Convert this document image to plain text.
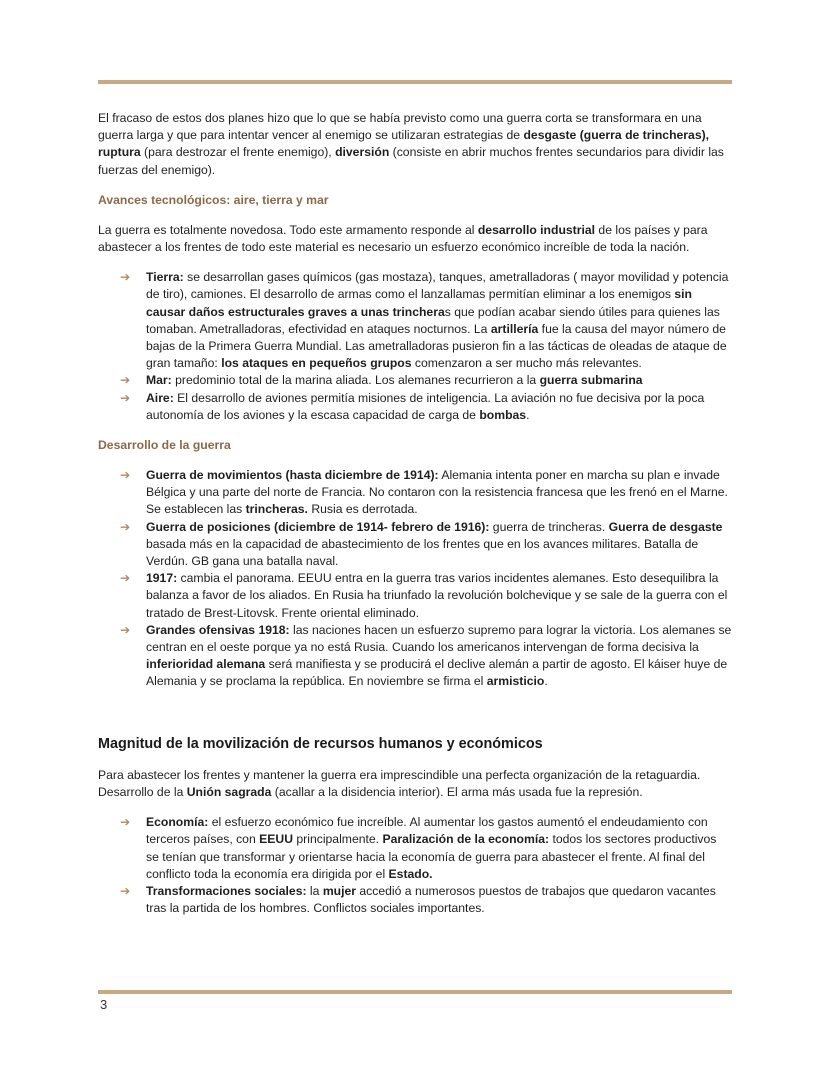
El fracaso de estos dos planes hizo que lo que se había previsto como una guerra corta se transformara en una guerra larga y que para intentar vencer al enemigo se utilizaran estrategias de desgaste (guerra de trincheras), ruptura (para destrozar el frente enemigo), diversión (consiste en abrir muchos frentes secundarios para dividir las fuerzas del enemigo).

Avances tecnológicos: aire, tierra y mar

La guerra es totalmente novedosa. Todo este armamento responde al desarrollo industrial de los países y para abastecer a los frentes de todo este material es necesario un esfuerzo económico increíble de toda la nación.

➔ Tierra: se desarrollan gases químicos (gas mostaza), tanques, ametralladoras ( mayor movilidad y potencia de tiro), camiones. El desarrollo de armas como el lanzallamas permitían eliminar a los enemigos sin causar daños estructurales graves a unas trincheras que podían acabar siendo útiles para quienes las tomaban. Ametralladoras, efectividad en ataques nocturnos. La artillería fue la causa del mayor número de bajas de la Primera Guerra Mundial. Las ametralladoras pusieron fin a las tácticas de oleadas de ataque de gran tamaño: los ataques en pequeños grupos comenzaron a ser mucho más relevantes.
➔ Mar: predominio total de la marina aliada. Los alemanes recurrieron a la guerra submarina
➔ Aire: El desarrollo de aviones permitía misiones de inteligencia. La aviación no fue decisiva por la poca autonomía de los aviones y la escasa capacidad de carga de bombas.
Desarrollo de la guerra
➔ Guerra de movimientos (hasta diciembre de 1914): Alemania intenta poner en marcha su plan e invade Bélgica y una parte del norte de Francia. No contaron con la resistencia francesa que les frenó en el Marne. Se establecen las trincheras. Rusia es derrotada.
➔ Guerra de posiciones (diciembre de 1914- febrero de 1916): guerra de trincheras. Guerra de desgaste basada más en la capacidad de abastecimiento de los frentes que en los avances militares. Batalla de Verdún. GB gana una batalla naval.
➔ 1917: cambia el panorama. EEUU entra en la guerra tras varios incidentes alemanes. Esto desequilibra la balanza a favor de los aliados. En Rusia ha triunfado la revolución bolchevique y se sale de la guerra con el tratado de Brest-Litovsk. Frente oriental eliminado.
➔ Grandes ofensivas 1918: las naciones hacen un esfuerzo supremo para lograr la victoria. Los alemanes se centran en el oeste porque ya no está Rusia. Cuando los americanos intervengan de forma decisiva la inferioridad alemana será manifiesta y se producirá el declive alemán a partir de agosto. El káiser huye de Alemania y se proclama la república. En noviembre se firma el armisticio.
Magnitud de la movilización de recursos humanos y económicos

Para abastecer los frentes y mantener la guerra era imprescindible una perfecta organización de la retaguardia. Desarrollo de la Unión sagrada (acallar a la disidencia interior). El arma más usada fue la represión.

➔ Economía: el esfuerzo económico fue increíble. Al aumentar los gastos aumentó el endeudamiento con terceros países, con EEUU principalmente. Paralización de la economía: todos los sectores productivos se tenían que transformar y orientarse hacia la economía de guerra para abastecer el frente. Al final del conflicto toda la economía era dirigida por el Estado.
➔ Transformaciones sociales: la mujer accedió a numerosos puestos de trabajos que quedaron vacantes tras la partida de los hombres. Conflictos sociales importantes.
3
